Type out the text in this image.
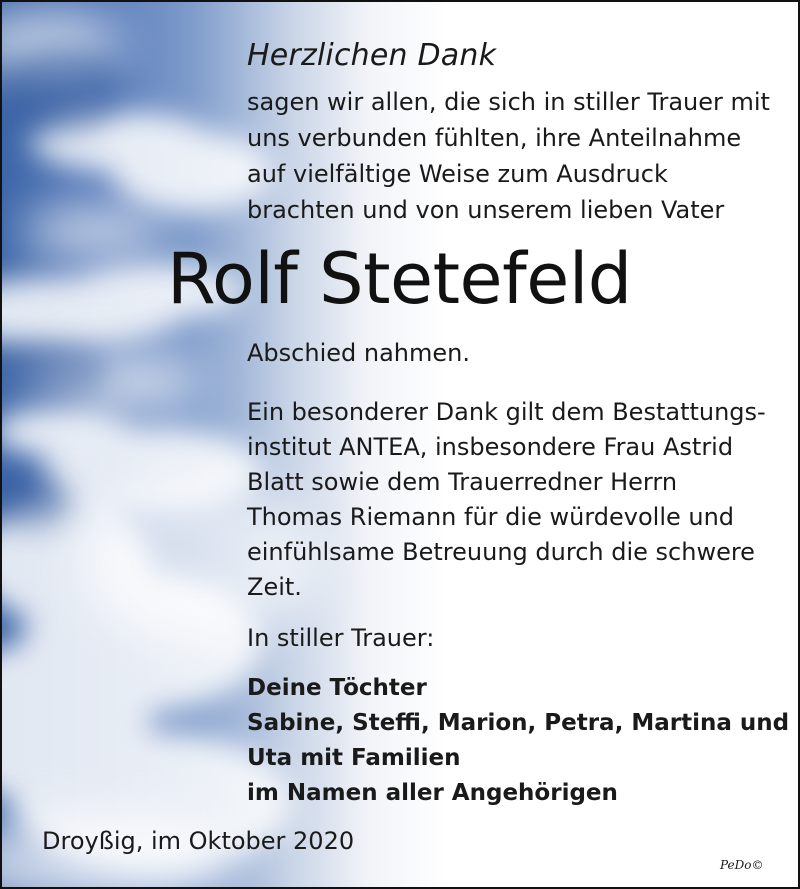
Herzlichen Dank
sagen wir allen, die sich in stiller Trauer mit
uns verbunden fühlten, ihre Anteilnahme
auf vielfältige Weise zum Ausdruck
brachten und von unserem lieben Vater
Rolf Stetefeld
Abschied nahmen.
Ein besonderer Dank gilt dem Bestattungs-
institut ANTEA, insbesondere Frau Astrid
Blatt sowie dem Trauerredner Herrn
Thomas Riemann für die würdevolle und
einfühlsame Betreuung durch die schwere
Zeit.
In stiller Trauer:
Deine Töchter
Sabine, Steffi, Marion, Petra, Martina und
Uta mit Familien
im Namen aller Angehörigen
Droyßig, im Oktober 2020
PeDo©
